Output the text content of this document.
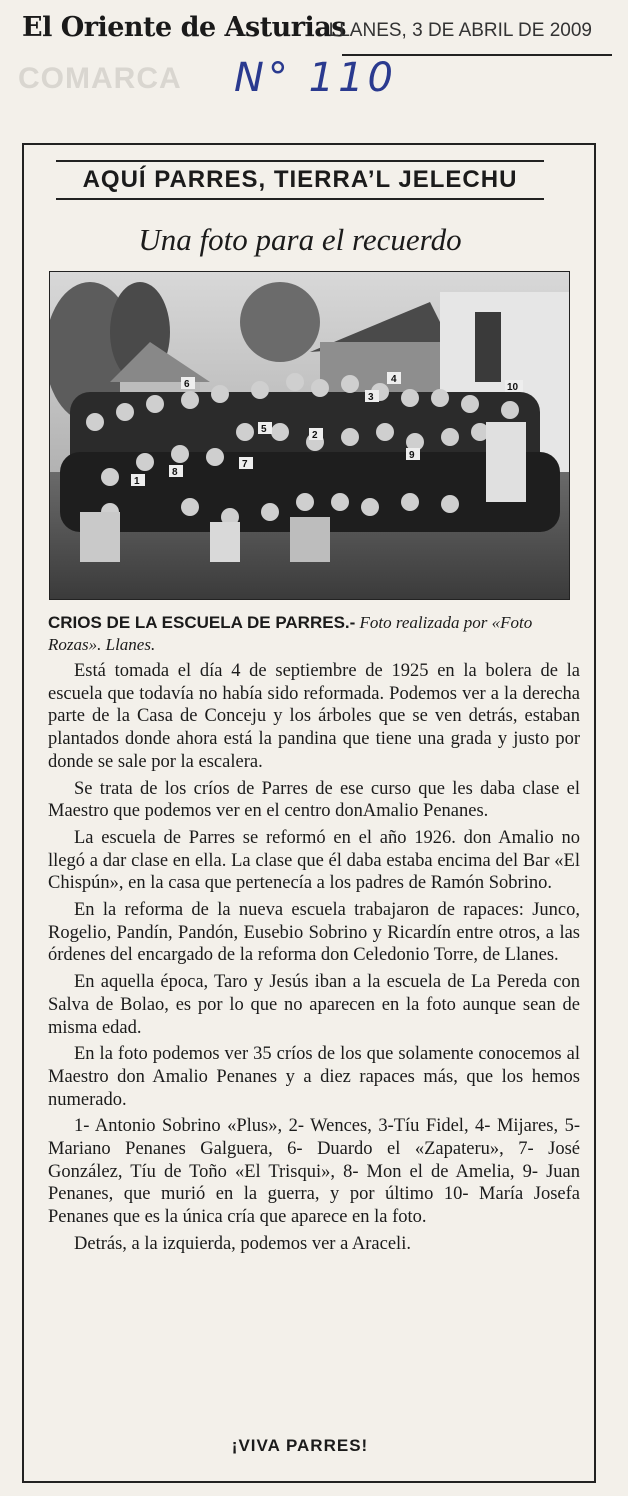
El Oriente de Asturias
LLANES, 3 DE ABRIL DE 2009
COMARCA N° 110
AQUÍ PARRES, TIERRA’L JELECHU
Una foto para el recuerdo
6	4
3
10
5
2
7
9
8
1
CRIOS DE LA ESCUELA DE PARRES.- Foto realizada por «Foto Rozas». Llanes.

Está tomada el día 4 de septiembre de 1925 en la bolera de la escuela que todavía no había sido reformada. Podemos ver a la derecha parte de la Casa de Conceju y los árboles que se ven detrás, estaban plantados donde ahora está la pandina que tiene una grada y justo por donde se sale por la escalera.

Se trata de los críos de Parres de ese curso que les daba clase el Maestro que podemos ver en el centro donAmalio Penanes.

La escuela de Parres se reformó en el año 1926. don Amalio no llegó a dar clase en ella. La clase que él daba estaba encima del Bar «El Chispún», en la casa que pertenecía a los padres de Ramón Sobrino.

En la reforma de la nueva escuela trabajaron de rapaces: Junco, Rogelio, Pandín, Pandón, Eusebio Sobrino y Ricardín entre otros, a las órdenes del encargado de la reforma don Celedonio Torre, de Llanes.

En aquella época, Taro y Jesús iban a la escuela de La Pereda con Salva de Bolao, es por lo que no aparecen en la foto aunque sean de misma edad.

En la foto podemos ver 35 críos de los que solamente conocemos al Maestro don Amalio Penanes y a diez rapaces más, que los hemos numerado.

1- Antonio Sobrino «Plus», 2- Wences, 3-Tíu Fidel, 4- Mijares, 5- Mariano Penanes Galguera, 6- Duardo el «Zapateru», 7- José González, Tíu de Toño «El Trisqui», 8- Mon el de Amelia, 9- Juan Penanes, que murió en la guerra, y por último 10- María Josefa Penanes que es la única cría que aparece en la foto.

Detrás, a la izquierda, podemos ver a Araceli.

¡VIVA PARRES!
